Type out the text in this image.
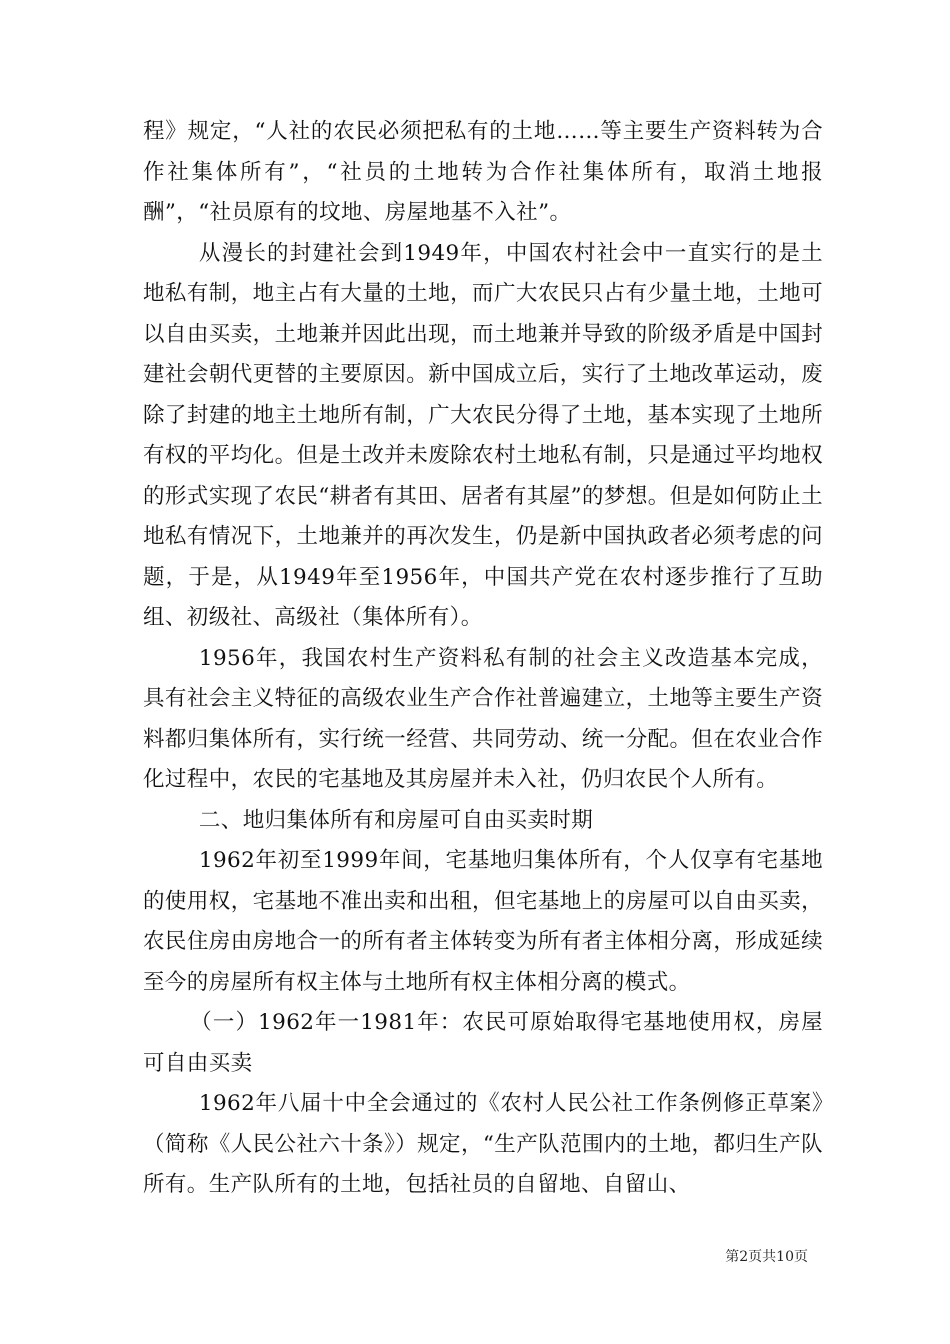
程》规定，“人社的农民必须把私有的土地……等主要生产资料转为合作社集体所有”，“社员的土地转为合作社集体所有，取消土地报酬”，“社员原有的坟地、房屋地基不入社”。

从漫长的封建社会到1949年，中国农村社会中一直实行的是土地私有制，地主占有大量的土地，而广大农民只占有少量土地，土地可以自由买卖，土地兼并因此出现，而土地兼并导致的阶级矛盾是中国封建社会朝代更替的主要原因。新中国成立后，实行了土地改革运动，废除了封建的地主土地所有制，广大农民分得了土地，基本实现了土地所有权的平均化。但是土改并未废除农村土地私有制，只是通过平均地权的形式实现了农民“耕者有其田、居者有其屋”的梦想。但是如何防止土地私有情况下，土地兼并的再次发生，仍是新中国执政者必须考虑的问题，于是，从1949年至1956年，中国共产党在农村逐步推行了互助组、初级社、高级社（集体所有）。

1956年，我国农村生产资料私有制的社会主义改造基本完成，具有社会主义特征的高级农业生产合作社普遍建立，土地等主要生产资料都归集体所有，实行统一经营、共同劳动、统一分配。但在农业合作化过程中，农民的宅基地及其房屋并未入社，仍归农民个人所有。

二、地归集体所有和房屋可自由买卖时期

1962年初至1999年间，宅基地归集体所有，个人仅享有宅基地的使用权，宅基地不准出卖和出租，但宅基地上的房屋可以自由买卖，农民住房由房地合一的所有者主体转变为所有者主体相分离，形成延续至今的房屋所有权主体与土地所有权主体相分离的模式。

（一）1962年一1981年：农民可原始取得宅基地使用权，房屋可自由买卖

1962年八届十中全会通过的《农村人民公社工作条例修正草案》（简称《人民公社六十条》）规定，“生产队范围内的土地，都归生产队所有。生产队所有的土地，包括社员的自留地、自留山、

第2页共10页
